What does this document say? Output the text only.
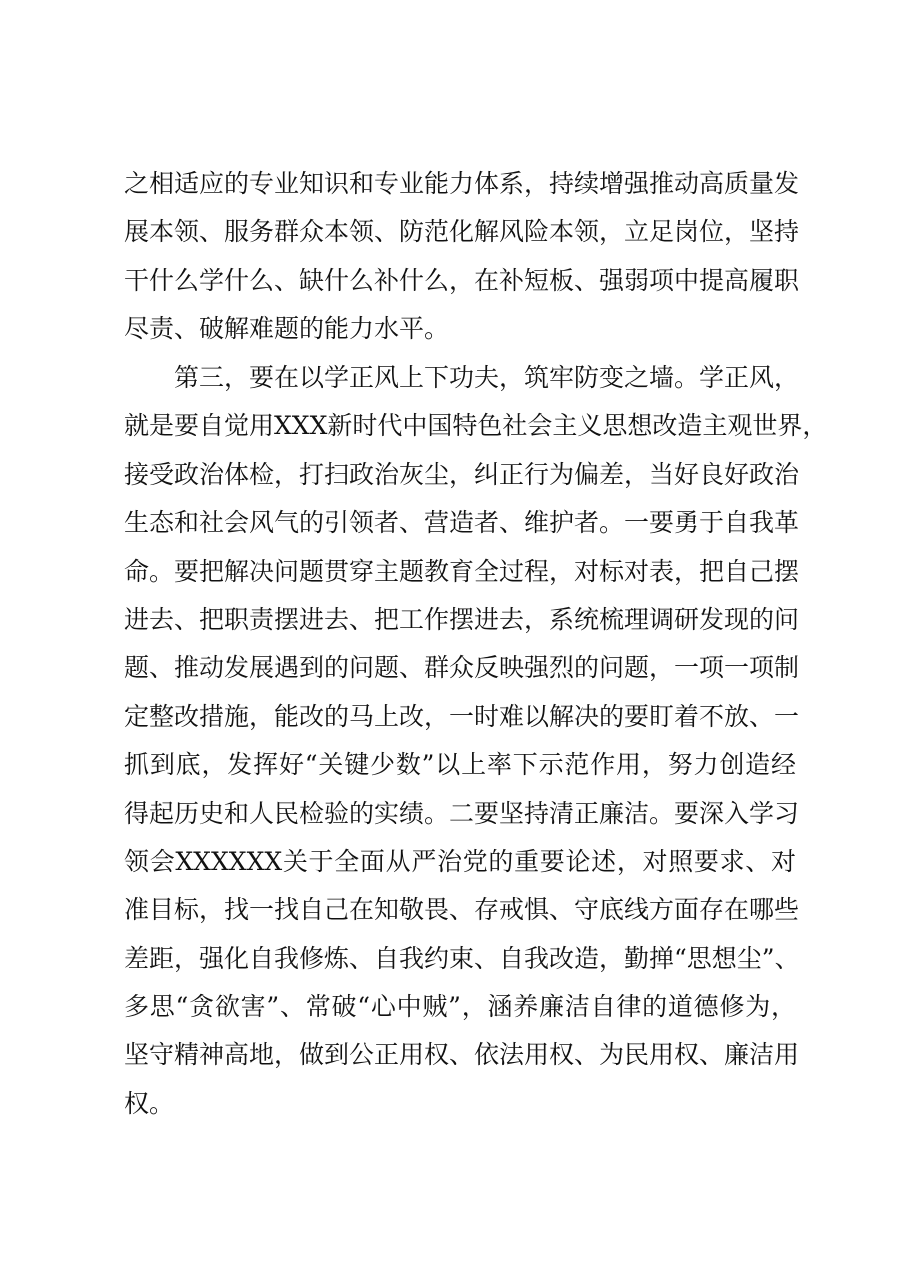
之相适应的专业知识和专业能力体系，持续增强推动高质量发
展本领、服务群众本领、防范化解风险本领，立足岗位，坚持
干什么学什么、缺什么补什么，在补短板、强弱项中提高履职
尽责、破解难题的能力水平。
第三，要在以学正风上下功夫，筑牢防变之墙。学正风，
就是要自觉用XXX新时代中国特色社会主义思想改造主观世界，
接受政治体检，打扫政治灰尘，纠正行为偏差，当好良好政治
生态和社会风气的引领者、营造者、维护者。一要勇于自我革
命。要把解决问题贯穿主题教育全过程，对标对表，把自己摆
进去、把职责摆进去、把工作摆进去，系统梳理调研发现的问
题、推动发展遇到的问题、群众反映强烈的问题，一项一项制
定整改措施，能改的马上改，一时难以解决的要盯着不放、一
抓到底，发挥好“关键少数”以上率下示范作用，努力创造经
得起历史和人民检验的实绩。二要坚持清正廉洁。要深入学习
领会XXXXXX关于全面从严治党的重要论述，对照要求、对
准目标，找一找自己在知敬畏、存戒惧、守底线方面存在哪些
差距，强化自我修炼、自我约束、自我改造，勤掸“思想尘”、
多思“贪欲害”、常破“心中贼”，涵养廉洁自律的道德修为，
坚守精神高地，做到公正用权、依法用权、为民用权、廉洁用
权。
